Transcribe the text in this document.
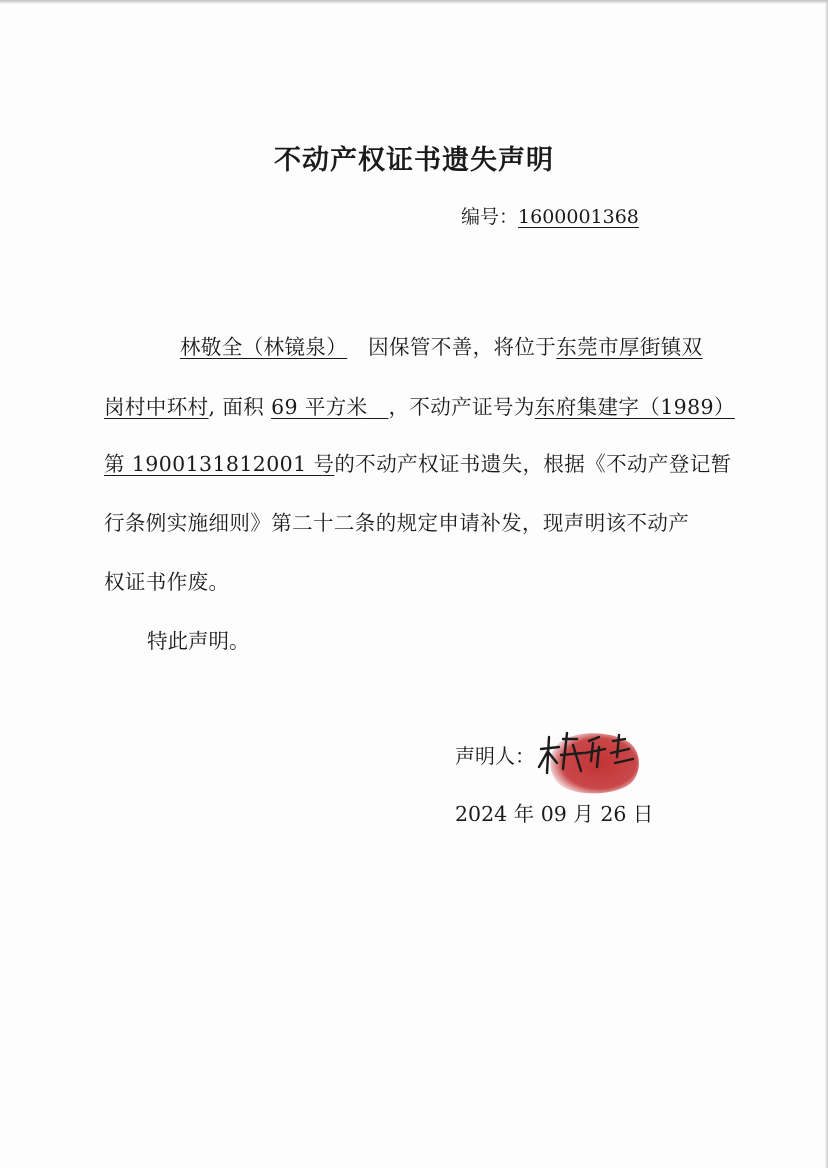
不动产权证书遗失声明
编号：1600001368
林敬全（林镜泉）  因保管不善，将位于东莞市厚街镇双
岗村中环村, 面积 69 平方米  ，不动产证号为东府集建字（1989）
第 1900131812001 号的不动产权证书遗失，根据《不动产登记暂
行条例实施细则》第二十二条的规定申请补发，现声明该不动产
权证书作废。
特此声明。
声明人：
2024 年 09 月 26 日
